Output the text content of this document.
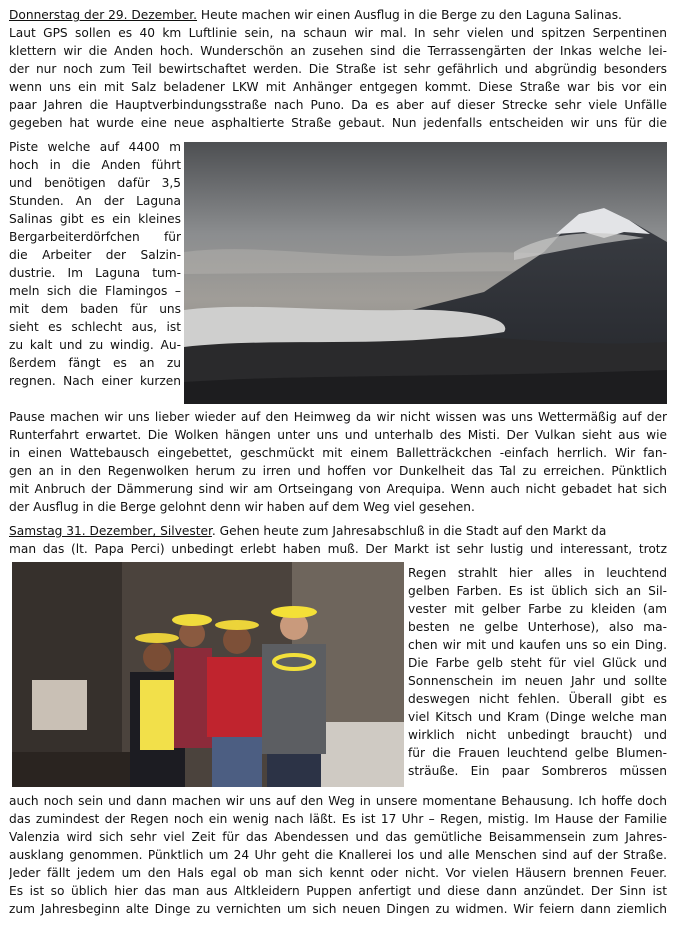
Donnerstag der 29. Dezember. Heute machen wir einen Ausflug in die Berge zu den Laguna Salinas.
Laut GPS sollen es 40 km Luftlinie sein, na schaun wir mal. In sehr vielen und spitzen Serpentinen
klettern wir die Anden hoch. Wunderschön an zusehen sind die Terrassengärten der Inkas welche lei-
der nur noch zum Teil bewirtschaftet werden. Die Straße ist sehr gefährlich und abgründig besonders
wenn uns ein mit Salz beladener LKW mit Anhänger entgegen kommt. Diese Straße war bis vor ein
paar Jahren die Hauptverbindungsstraße nach Puno. Da es aber auf dieser Strecke sehr viele Unfälle
gegeben hat wurde eine neue asphaltierte Straße gebaut. Nun jedenfalls entscheiden wir uns für die
Piste welche auf 4400 m
hoch in die Anden führt
und benötigen dafür 3,5
Stunden. An der Laguna
Salinas gibt es ein kleines
Bergarbeiterdörfchen für
die Arbeiter der Salzin-
dustrie. Im Laguna tum-
meln sich die Flamingos –
mit dem baden für uns
sieht es schlecht aus, ist
zu kalt und zu windig. Au-
ßerdem fängt es an zu
regnen. Nach einer kurzen
Pause machen wir uns lieber wieder auf den Heimweg da wir nicht wissen was uns Wettermäßig auf der
Runterfahrt erwartet. Die Wolken hängen unter uns und unterhalb des Misti. Der Vulkan sieht aus wie
in einen Wattebausch eingebettet, geschmückt mit einem Balletträckchen -einfach herrlich. Wir fan-
gen an in den Regenwolken herum zu irren und hoffen vor Dunkelheit das Tal zu erreichen. Pünktlich
mit Anbruch der Dämmerung sind wir am Ortseingang von Arequipa. Wenn auch nicht gebadet hat sich
der Ausflug in die Berge gelohnt denn wir haben auf dem Weg viel gesehen.
Samstag 31. Dezember, Silvester. Gehen heute zum Jahresabschluß in die Stadt auf den Markt da
man das (lt. Papa Perci) unbedingt erlebt haben muß. Der Markt ist sehr lustig und interessant, trotz
Regen strahlt hier alles in leuchtend
gelben Farben. Es ist üblich sich an Sil-
vester mit gelber Farbe zu kleiden (am
besten ne gelbe Unterhose), also ma-
chen wir mit und kaufen uns so ein Ding.
Die Farbe gelb steht für viel Glück und
Sonnenschein im neuen Jahr und sollte
deswegen nicht fehlen. Überall gibt es
viel Kitsch und Kram (Dinge welche man
wirklich nicht unbedingt braucht) und
für die Frauen leuchtend gelbe Blumen-
sträuße. Ein paar Sombreros müssen
auch noch sein und dann machen wir uns auf den Weg in unsere momentane Behausung. Ich hoffe doch
das zumindest der Regen noch ein wenig nach läßt. Es ist 17 Uhr – Regen, mistig. Im Hause der Familie
Valenzia wird sich sehr viel Zeit für das Abendessen und das gemütliche Beisammensein zum Jahres-
ausklang genommen. Pünktlich um 24 Uhr geht die Knallerei los und alle Menschen sind auf der Straße.
Jeder fällt jedem um den Hals egal ob man sich kennt oder nicht. Vor vielen Häusern brennen Feuer.
Es ist so üblich hier das man aus Altkleidern Puppen anfertigt und diese dann anzündet. Der Sinn ist
zum Jahresbeginn alte Dinge zu vernichten um sich neuen Dingen zu widmen. Wir feiern dann ziemlich
